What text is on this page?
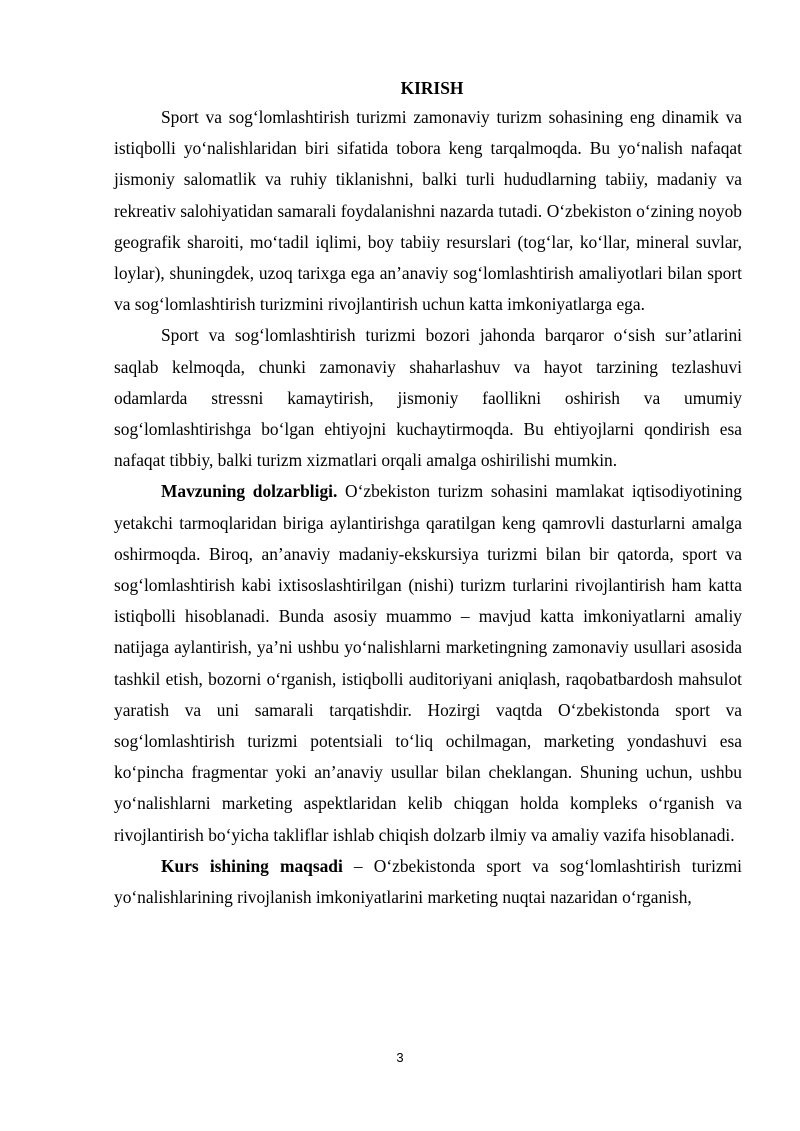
KIRISH

Sport va sog‘lomlashtirish turizmi zamonaviy turizm sohasining eng dinamik va istiqbolli yo‘nalishlaridan biri sifatida tobora keng tarqalmoqda. Bu yo‘nalish nafaqat jismoniy salomatlik va ruhiy tiklanishni, balki turli hududlarning tabiiy, madaniy va rekreativ salohiyatidan samarali foydalanishni nazarda tutadi. O‘zbekiston o‘zining noyob geografik sharoiti, mo‘tadil iqlimi, boy tabiiy resurslari (tog‘lar, ko‘llar, mineral suvlar, loylar), shuningdek, uzoq tarixga ega an’anaviy sog‘lomlashtirish amaliyotlari bilan sport va sog‘lomlashtirish turizmini rivojlantirish uchun katta imkoniyatlarga ega.

Sport va sog‘lomlashtirish turizmi bozori jahonda barqaror o‘sish sur’atlarini saqlab kelmoqda, chunki zamonaviy shaharlashuv va hayot tarzining tezlashuvi odamlarda stressni kamaytirish, jismoniy faollikni oshirish va umumiy sog‘lomlashtirishga bo‘lgan ehtiyojni kuchaytirmoqda. Bu ehtiyojlarni qondirish esa nafaqat tibbiy, balki turizm xizmatlari orqali amalga oshirilishi mumkin.

Mavzuning dolzarbligi. O‘zbekiston turizm sohasini mamlakat iqtisodiyotining yetakchi tarmoqlaridan biriga aylantirishga qaratilgan keng qamrovli dasturlarni amalga oshirmoqda. Biroq, an’anaviy madaniy-ekskursiya turizmi bilan bir qatorda, sport va sog‘lomlashtirish kabi ixtisoslashtirilgan (nishi) turizm turlarini rivojlantirish ham katta istiqbolli hisoblanadi. Bunda asosiy muammo – mavjud katta imkoniyatlarni amaliy natijaga aylantirish, ya’ni ushbu yo‘nalishlarni marketingning zamonaviy usullari asosida tashkil etish, bozorni o‘rganish, istiqbolli auditoriyani aniqlash, raqobatbardosh mahsulot yaratish va uni samarali tarqatishdir. Hozirgi vaqtda O‘zbekistonda sport va sog‘lomlashtirish turizmi potentsiali to‘liq ochilmagan, marketing yondashuvi esa ko‘pincha fragmentar yoki an’anaviy usullar bilan cheklangan. Shuning uchun, ushbu yo‘nalishlarni marketing aspektlaridan kelib chiqgan holda kompleks o‘rganish va rivojlantirish bo‘yicha takliflar ishlab chiqish dolzarb ilmiy va amaliy vazifa hisoblanadi.

Kurs ishining maqsadi – O‘zbekistonda sport va sog‘lomlashtirish turizmi yo‘nalishlarining rivojlanish imkoniyatlarini marketing nuqtai nazaridan o‘rganish,

3
